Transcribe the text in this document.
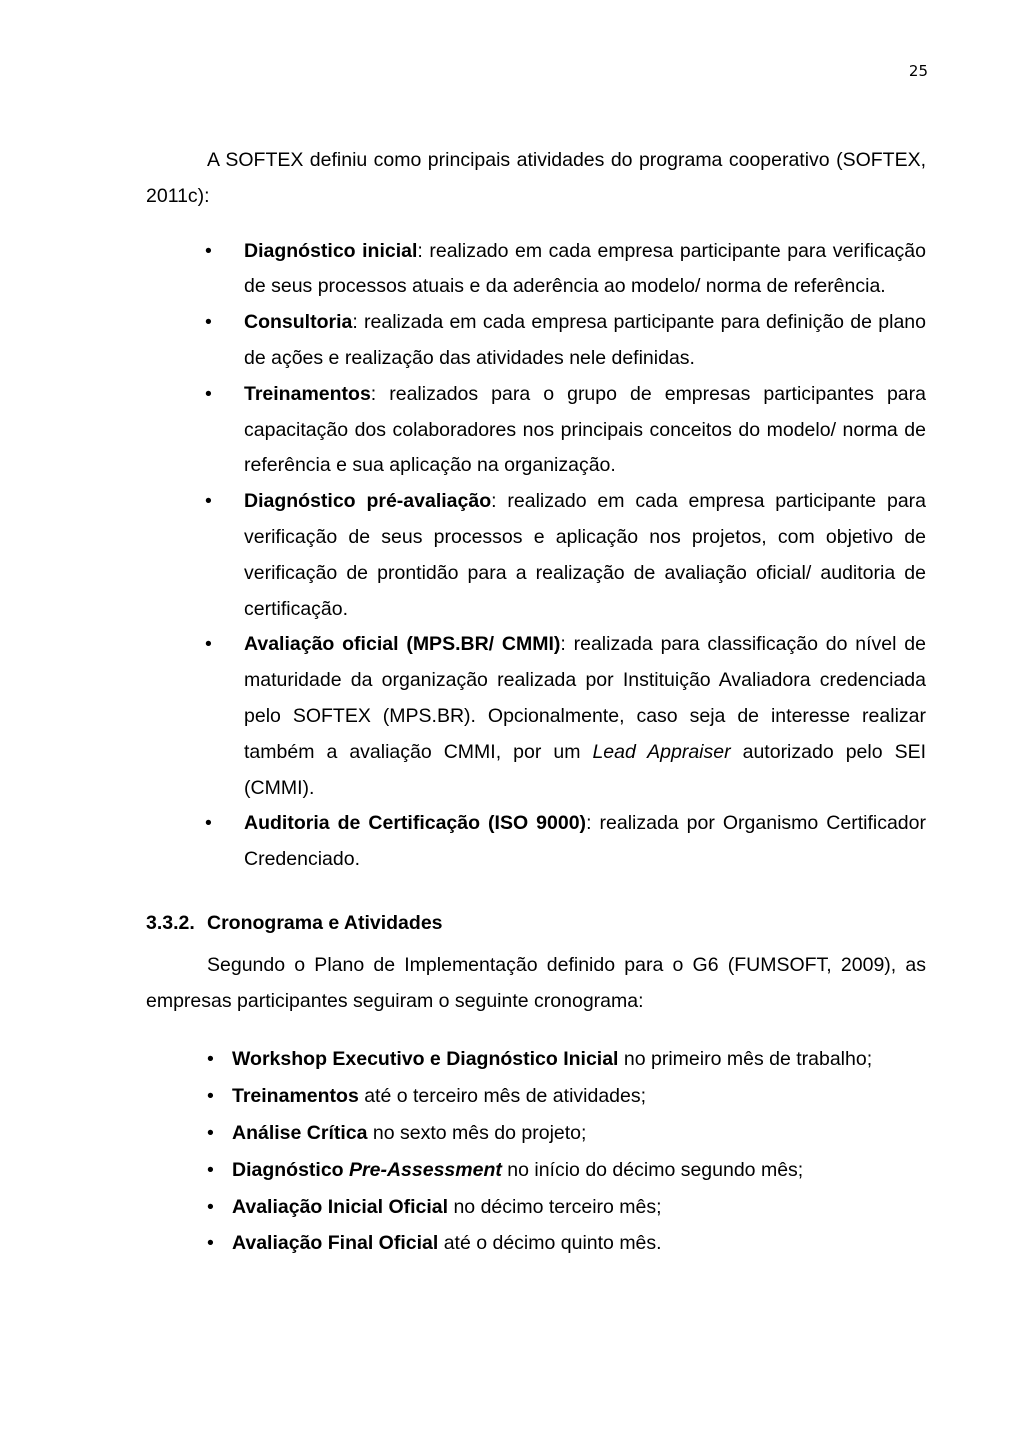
25

A SOFTEX definiu como principais atividades do programa cooperativo (SOFTEX, 2011c):

• Diagnóstico inicial: realizado em cada empresa participante para verificação de seus processos atuais e da aderência ao modelo/ norma de referência.
• Consultoria: realizada em cada empresa participante para definição de plano de ações e realização das atividades nele definidas.
• Treinamentos: realizados para o grupo de empresas participantes para capacitação dos colaboradores nos principais conceitos do modelo/ norma de referência e sua aplicação na organização.
• Diagnóstico pré-avaliação: realizado em cada empresa participante para verificação de seus processos e aplicação nos projetos, com objetivo de verificação de prontidão para a realização de avaliação oficial/ auditoria de certificação.
• Avaliação oficial (MPS.BR/ CMMI): realizada para classificação do nível de maturidade da organização realizada por Instituição Avaliadora credenciada pelo SOFTEX (MPS.BR). Opcionalmente, caso seja de interesse realizar também a avaliação CMMI, por um Lead Appraiser autorizado pelo SEI (CMMI).
• Auditoria de Certificação (ISO 9000): realizada por Organismo Certificador Credenciado.
3.3.2. Cronograma e Atividades

Segundo o Plano de Implementação definido para o G6 (FUMSOFT, 2009), as empresas participantes seguiram o seguinte cronograma:

• Workshop Executivo e Diagnóstico Inicial no primeiro mês de trabalho;
• Treinamentos até o terceiro mês de atividades;
• Análise Crítica no sexto mês do projeto;
• Diagnóstico Pre-Assessment no início do décimo segundo mês;
• Avaliação Inicial Oficial no décimo terceiro mês;
• Avaliação Final Oficial até o décimo quinto mês.
